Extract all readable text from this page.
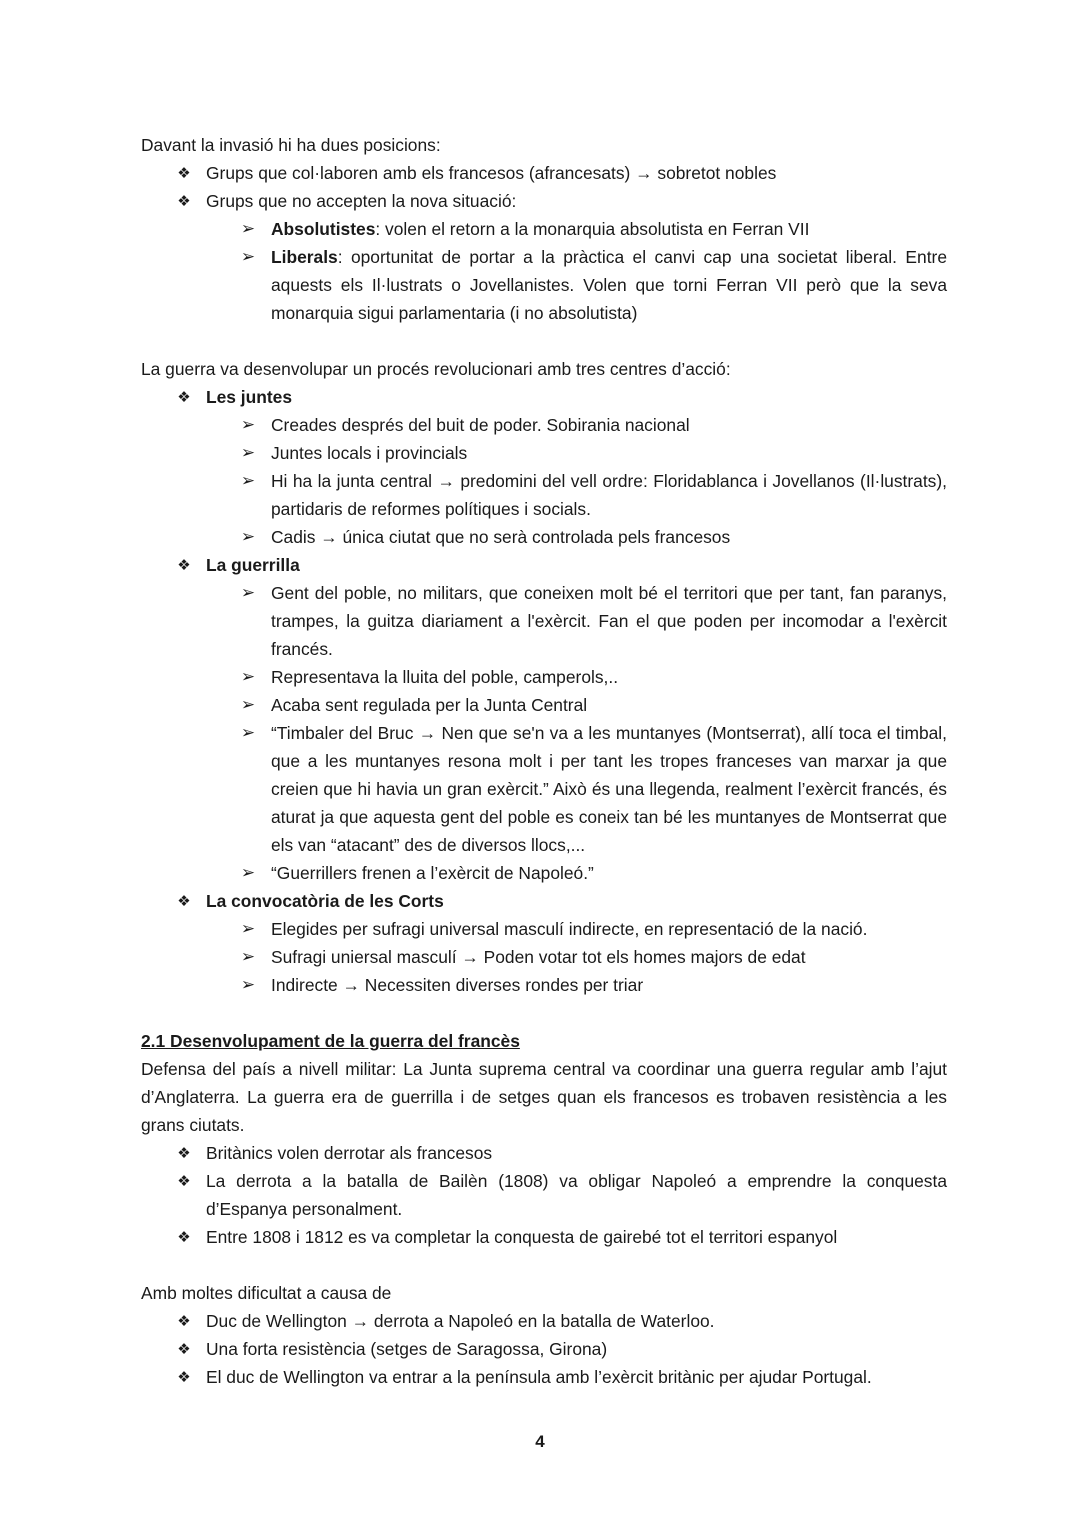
Davant la invasió hi ha dues posicions:

❖ Grups que col·laboren amb els francesos (afrancesats) → sobretot nobles
❖ Grups que no accepten la nova situació:
➢ Absolutistes: volen el retorn a la monarquia absolutista en Ferran VII
➢ Liberals: oportunitat de portar a la pràctica el canvi cap una societat liberal. Entre aquests els Il·lustrats o Jovellanistes. Volen que torni Ferran VII però que la seva monarquia sigui parlamentaria (i no absolutista)

La guerra va desenvolupar un procés revolucionari amb tres centres d’acció:

❖ Les juntes
➢ Creades després del buit de poder. Sobirania nacional
➢ Juntes locals i provincials
➢ Hi ha la junta central → predomini del vell ordre: Floridablanca i Jovellanos (Il·lustrats), partidaris de reformes polítiques i socials.
➢ Cadis → única ciutat que no serà controlada pels francesos
❖ La guerrilla
➢ Gent del poble, no militars, que coneixen molt bé el territori que per tant, fan paranys, trampes, la guitza diariament a l'exèrcit. Fan el que poden per incomodar a l'exèrcit francés.
➢ Representava la lluita del poble, camperols,..
➢ Acaba sent regulada per la Junta Central
➢ “Timbaler del Bruc → Nen que se'n va a les muntanyes (Montserrat), allí toca el timbal, que a les muntanyes resona molt i per tant les tropes franceses van marxar ja que creien que hi havia un gran exèrcit.” Això és una llegenda, realment l’exèrcit francés, és aturat ja que aquesta gent del poble es coneix tan bé les muntanyes de Montserrat que els van “atacant” des de diversos llocs,...
➢ “Guerrillers frenen a l’exèrcit de Napoleó.”
❖ La convocatòria de les Corts
➢ Elegides per sufragi universal masculí indirecte, en representació de la nació.
➢ Sufragi uniersal masculí → Poden votar tot els homes majors de edat
➢ Indirecte → Necessiten diverses rondes per triar

2.1 Desenvolupament de la guerra del francès

Defensa del país a nivell militar: La Junta suprema central va coordinar una guerra regular amb l’ajut d’Anglaterra. La guerra era de guerrilla i de setges quan els francesos es trobaven resistència a les grans ciutats.

❖ Britànics volen derrotar als francesos
❖ La derrota a la batalla de Bailèn (1808) va obligar Napoleó a emprendre la conquesta d’Espanya personalment.
❖ Entre 1808 i 1812 es va completar la conquesta de gairebé tot el territori espanyol

Amb moltes dificultat a causa de

❖ Duc de Wellington → derrota a Napoleó en la batalla de Waterloo.
❖ Una forta resistència (setges de Saragossa, Girona)
❖ El duc de Wellington va entrar a la península amb l’exèrcit britànic per ajudar Portugal.
4
